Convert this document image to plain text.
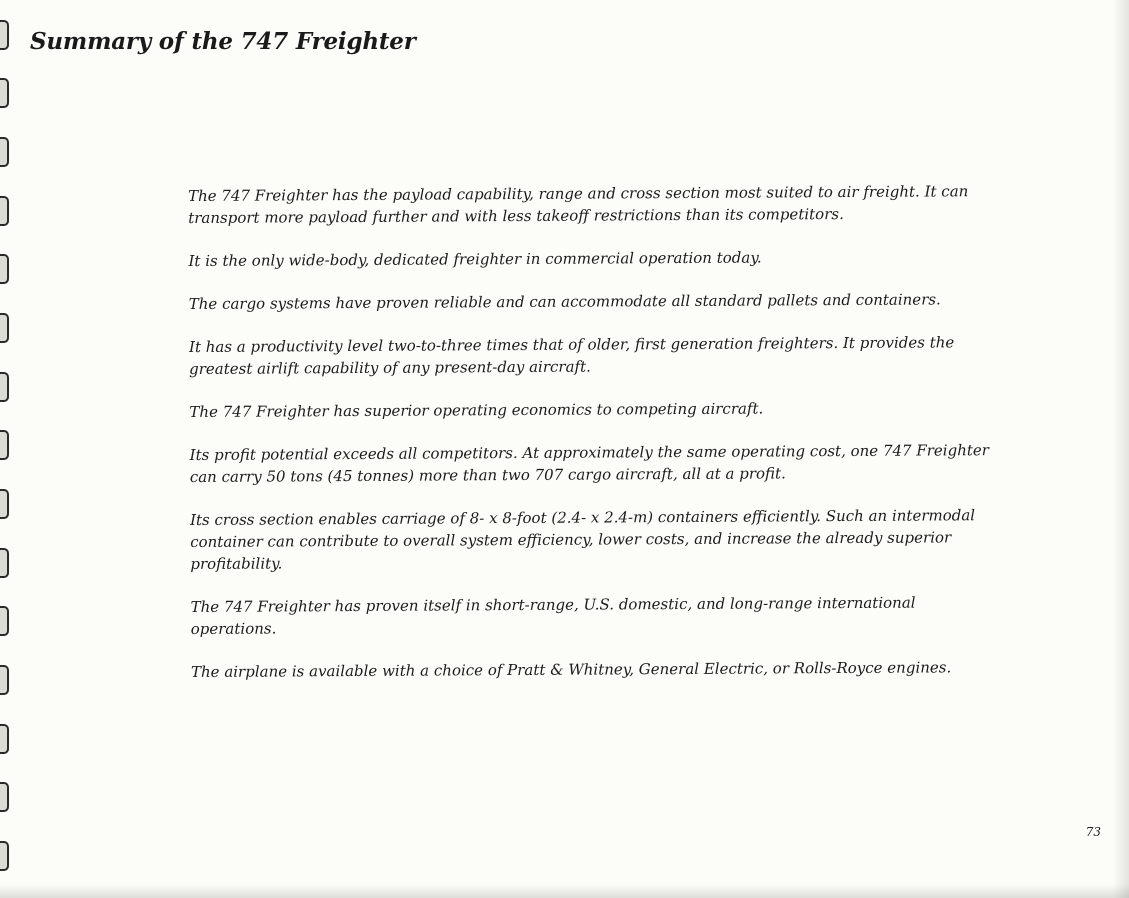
Summary of the 747 Freighter

The 747 Freighter has the payload capability, range and cross section most suited to air freight. It can transport more payload further and with less takeoff restrictions than its competitors.

It is the only wide-body, dedicated freighter in commercial operation today.

The cargo systems have proven reliable and can accommodate all standard pallets and containers.

It has a productivity level two-to-three times that of older, first generation freighters. It provides the greatest airlift capability of any present-day aircraft.

The 747 Freighter has superior operating economics to competing aircraft.

Its profit potential exceeds all competitors. At approximately the same operating cost, one 747 Freighter can carry 50 tons (45 tonnes) more than two 707 cargo aircraft, all at a profit.

Its cross section enables carriage of 8- x 8-foot (2.4- x 2.4-m) containers efficiently. Such an intermodal container can contribute to overall system efficiency, lower costs, and increase the already superior profitability.

The 747 Freighter has proven itself in short-range, U.S. domestic, and long-range international operations.

The airplane is available with a choice of Pratt & Whitney, General Electric, or Rolls-Royce engines.

73
